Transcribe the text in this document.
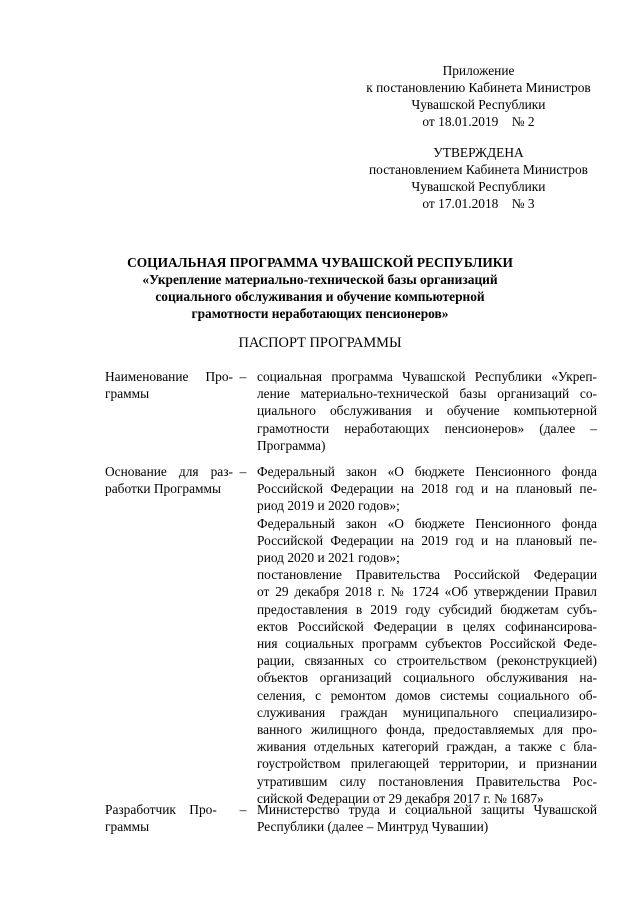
Приложение
к постановлению Кабинета Министров
Чувашской Республики
от 18.01.2019    № 2
УТВЕРЖДЕНА
постановлением Кабинета Министров
Чувашской Республики
от 17.01.2018    № 3
СОЦИАЛЬНАЯ ПРОГРАММА ЧУВАШСКОЙ РЕСПУБЛИКИ
«Укрепление материально-технической базы организаций
социального обслуживания и обучение компьютерной
грамотности неработающих пенсионеров»
ПАСПОРТ ПРОГРАММЫ
Наименование Про-
граммы
– социальная программа Чувашской Республики «Укреп-
ление материально-технической базы организаций со-
циального обслуживания и обучение компьютерной
грамотности неработающих пенсионеров» (далее –
Программа)
Основание для раз-
работки Программы
– Федеральный закон «О бюджете Пенсионного фонда
Российской Федерации на 2018 год и на плановый пе-
риод 2019 и 2020 годов»;
Федеральный закон «О бюджете Пенсионного фонда
Российской Федерации на 2019 год и на плановый пе-
риод 2020 и 2021 годов»;
постановление Правительства Российской Федерации
от 29 декабря 2018 г. № 1724 «Об утверждении Правил
предоставления в 2019 году субсидий бюджетам субъ-
ектов Российской Федерации в целях софинансирова-
ния социальных программ субъектов Российской Феде-
рации, связанных со строительством (реконструкцией)
объектов организаций социального обслуживания на-
селения, с ремонтом домов системы социального об-
служивания граждан муниципального специализиро-
ванного жилищного фонда, предоставляемых для про-
живания отдельных категорий граждан, а также с бла-
гоустройством прилегающей территории, и признании
утратившим силу постановления Правительства Рос-
сийской Федерации от 29 декабря 2017 г. № 1687»
Разработчик    Про-
граммы
– Министерство труда и социальной защиты Чувашской
Республики (далее – Минтруд Чувашии)
